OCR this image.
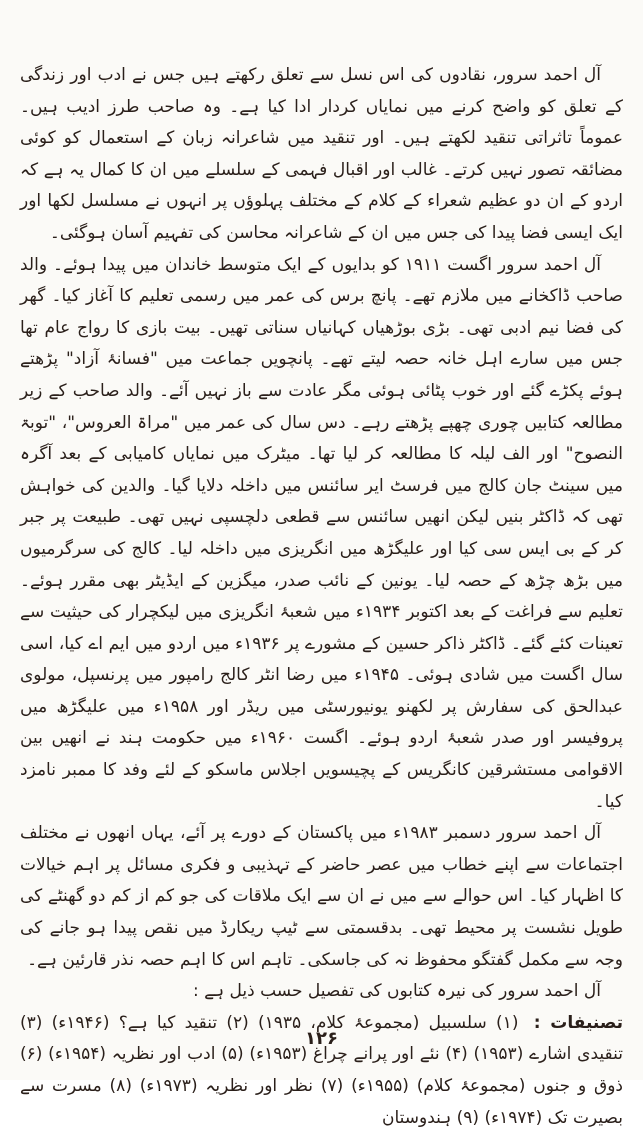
آل احمد سرور، نقادوں کی اس نسل سے تعلق رکھتے ہیں جس نے ادب اور زندگی کے تعلق کو واضح کرنے میں نمایاں کردار ادا کیا ہے۔ وہ صاحب طرز ادیب ہیں۔ عموماً تاثراتی تنقید لکھتے ہیں۔ اور تنقید میں شاعرانہ زبان کے استعمال کو کوئی مضائقہ تصور نہیں کرتے۔ غالب اور اقبال فہمی کے سلسلے میں ان کا کمال یہ ہے کہ اردو کے ان دو عظیم شعراء کے کلام کے مختلف پہلوؤں پر انہوں نے مسلسل لکھا اور ایک ایسی فضا پیدا کی جس میں ان کے شاعرانہ محاسن کی تفہیم آسان ہوگئی۔

آل احمد سرور اگست ۱۹۱۱ کو بدایوں کے ایک متوسط خاندان میں پیدا ہوئے۔ والد صاحب ڈاکخانے میں ملازم تھے۔ پانچ برس کی عمر میں رسمی تعلیم کا آغاز کیا۔ گھر کی فضا نیم ادبی تھی۔ بڑی بوڑھیاں کہانیاں سناتی تھیں۔ بیت بازی کا رواج عام تھا جس میں سارے اہل خانہ حصہ لیتے تھے۔ پانچویں جماعت میں "فسانۂ آزاد" پڑھتے ہوئے پکڑے گئے اور خوب پٹائی ہوئی مگر عادت سے باز نہیں آئے۔ والد صاحب کے زیر مطالعہ کتابیں چوری چھپے پڑھتے رہے۔ دس سال کی عمر میں "مراۃ العروس"، "توبۃ النصوح" اور الف لیلہ کا مطالعہ کر لیا تھا۔ میٹرک میں نمایاں کامیابی کے بعد آگرہ میں سینٹ جان کالج میں فرسٹ ایر سائنس میں داخلہ دلایا گیا۔ والدین کی خواہش تھی کہ ڈاکٹر بنیں لیکن انھیں سائنس سے قطعی دلچسپی نہیں تھی۔ طبیعت پر جبر کر کے بی ایس سی کیا اور علیگڑھ میں انگریزی میں داخلہ لیا۔ کالج کی سرگرمیوں میں بڑھ چڑھ کے حصہ لیا۔ یونین کے نائب صدر، میگزین کے ایڈیٹر بھی مقرر ہوئے۔ تعلیم سے فراغت کے بعد اکتوبر ۱۹۳۴ء میں شعبۂ انگریزی میں لیکچرار کی حیثیت سے تعینات کئے گئے۔ ڈاکٹر ذاکر حسین کے مشورے پر ۱۹۳۶ء میں اردو میں ایم اے کیا، اسی سال اگست میں شادی ہوئی۔ ۱۹۴۵ء میں رضا انٹر کالج رامپور میں پرنسپل، مولوی عبدالحق کی سفارش پر لکھنو یونیورسٹی میں ریڈر اور ۱۹۵۸ء میں علیگڑھ میں پروفیسر اور صدر شعبۂ اردو ہوئے۔ اگست ۱۹۶۰ء میں حکومت ہند نے انھیں بین الاقوامی مستشرقین کانگریس کے پچیسویں اجلاس ماسکو کے لئے وفد کا ممبر نامزد کیا۔

آل احمد سرور دسمبر ۱۹۸۳ء میں پاکستان کے دورے پر آئے، یہاں انھوں نے مختلف اجتماعات سے اپنے خطاب میں عصر حاضر کے تہذیبی و فکری مسائل پر اہم خیالات کا اظہار کیا۔ اس حوالے سے میں نے ان سے ایک ملاقات کی جو کم از کم دو گھنٹے کی طویل نشست پر محیط تھی۔ بدقسمتی سے ٹیپ ریکارڈ میں نقص پیدا ہو جانے کی وجہ سے مکمل گفتگو محفوظ نہ کی جاسکی۔ تاہم اس کا اہم حصہ نذر قارئین ہے۔

آل احمد سرور کی نیرہ کتابوں کی تفصیل حسب ذیل ہے :

تصنیفات : (۱) سلسبیل (مجموعۂ کلام، ۱۹۳۵) (۲) تنقید کیا ہے؟ (۱۹۴۶ء) (۳) تنقیدی اشارے (۱۹۵۳) (۴) نئے اور پرانے چراغ (۱۹۵۳ء) (۵) ادب اور نظریہ (۱۹۵۴ء) (۶) ذوق و جنوں (مجموعۂ کلام) (۱۹۵۵ء) (۷) نظر اور نظریہ (۱۹۷۳ء) (۸) مسرت سے بصیرت تک (۱۹۷۴ء) (۹) ہندوستان

۱۲۶
